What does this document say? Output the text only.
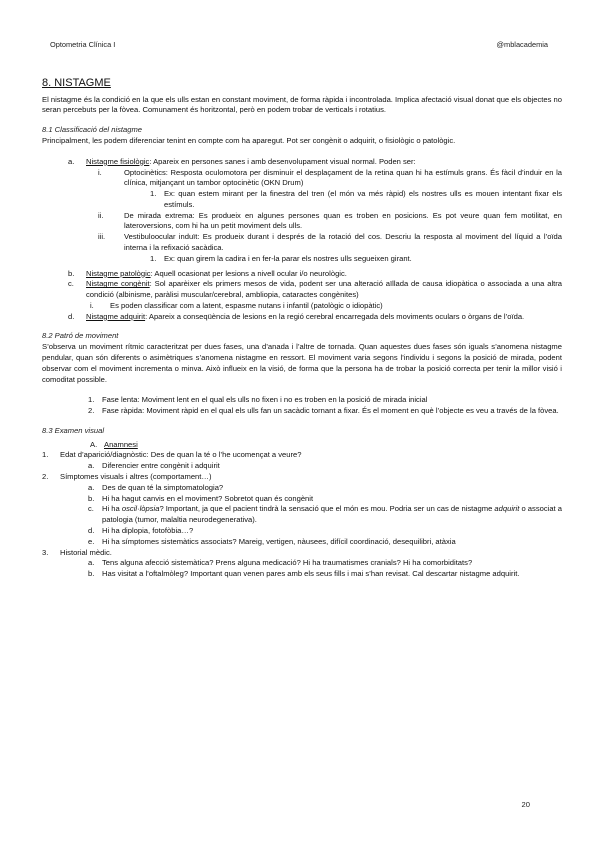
Optometria Clínica I	@mblacademia
8. NISTAGME

El nistagme és la condició en la que els ulls estan en constant moviment, de forma ràpida i incontrolada. Implica afectació visual donat que els objectes no seran percebuts per la fòvea. Comunament és horitzontal, però en podem trobar de verticals i rotatius.

8.1 Classificació del nistagme

Principalment, les podem diferenciar tenint en compte com ha aparegut. Pot ser congènit o adquirit, o fisiològic o patològic.

a.	Nistagme fisiològic: Apareix en persones sanes i amb desenvolupament visual normal. Poden ser:
i.	Optocinètics: Resposta oculomotora per disminuir el desplaçament de la retina quan hi ha estímuls grans. És fàcil d’induir en la clínica, mitjançant un tambor optocinètic (OKN Drum)
1.	Ex: quan estem mirant per la finestra del tren (el món va més ràpid) els nostres ulls es mouen intentant fixar els estímuls.
ii.	De mirada extrema: Es produeix en algunes persones quan es troben en posicions. Es pot veure quan fem motilitat, en lateroversions, com hi ha un petit moviment dels ulls.
iii.	Vestibuloocular induït: Es produeix durant i després de la rotació del cos. Descriu la resposta al moviment del líquid a l’oïda interna i la refixació sacàdica.
1.	Ex: quan girem la cadira i en fer-la parar els nostres ulls segueixen girant.
b.	Nistagme patològic: Aquell ocasionat per lesions a nivell ocular i/o neurològic.
c.	Nistagme congènit: Sol aparèixer els primers mesos de vida, podent ser una alteració aïllada de causa idiopàtica o associada a una altra condició (albinisme, paràlisi muscular/cerebral, ambliopia, cataractes congènites)
i.	Es poden classificar com a latent, espasme nutans i infantil (patològic o idiopàtic)
d.	Nistagme adquirit: Apareix a conseqüència de lesions en la regió cerebral encarregada dels moviments oculars o òrgans de l’oïda.
8.2 Patró de moviment

S’observa un moviment rítmic caracteritzat per dues fases, una d’anada i l’altre de tornada. Quan aquestes dues fases són iguals s’anomena nistagme pendular, quan són diferents o asimètriques s’anomena nistagme en ressort. El moviment varia segons l’individu i segons la posició de mirada, podent observar com el moviment incrementa o minva. Això influeix en la visió, de forma que la persona ha de trobar la posició correcta per tenir la millor visió i comoditat possible.

1.	Fase lenta: Moviment lent en el qual els ulls no fixen i no es troben en la posició de mirada inicial
2.	Fase ràpida: Moviment ràpid en el qual els ulls fan un sacàdic tornant a fixar. És el moment en què l’objecte es veu a través de la fòvea.
8.3 Examen visual
A. Anamnesi
1.	Edat d’aparició/diagnòstic: Des de quan la té o l’he ucomençat a veure?
a.	Diferencier entre congènit i adquirit
2.	Símptomes visuals i altres (comportament…)
a.	Des de quan té la simptomatologia?
b.	Hi ha hagut canvis en el moviment? Sobretot quan és congènit
c.	Hi ha oscil·lòpsia? Important, ja que el pacient tindrà la sensació que el món es mou. Podria ser un cas de nistagme adquirit o associat a patologia (tumor, malaltia neurodegenerativa).
d.	Hi ha diplopia, fotofòbia…?
e.	Hi ha símptomes sistemàtics associats? Mareig, vertigen, nàusees, difícil coordinació, desequilibri, atàxia
3.	Historial mèdic.
a.	Tens alguna afecció sistemàtica? Prens alguna medicació? Hi ha traumatismes cranials? Hi ha comorbiditats?
b.	Has visitat a l’oftalmòleg? Important quan venen pares amb els seus fills i mai s’han revisat. Cal descartar nistagme adquirit.
20
